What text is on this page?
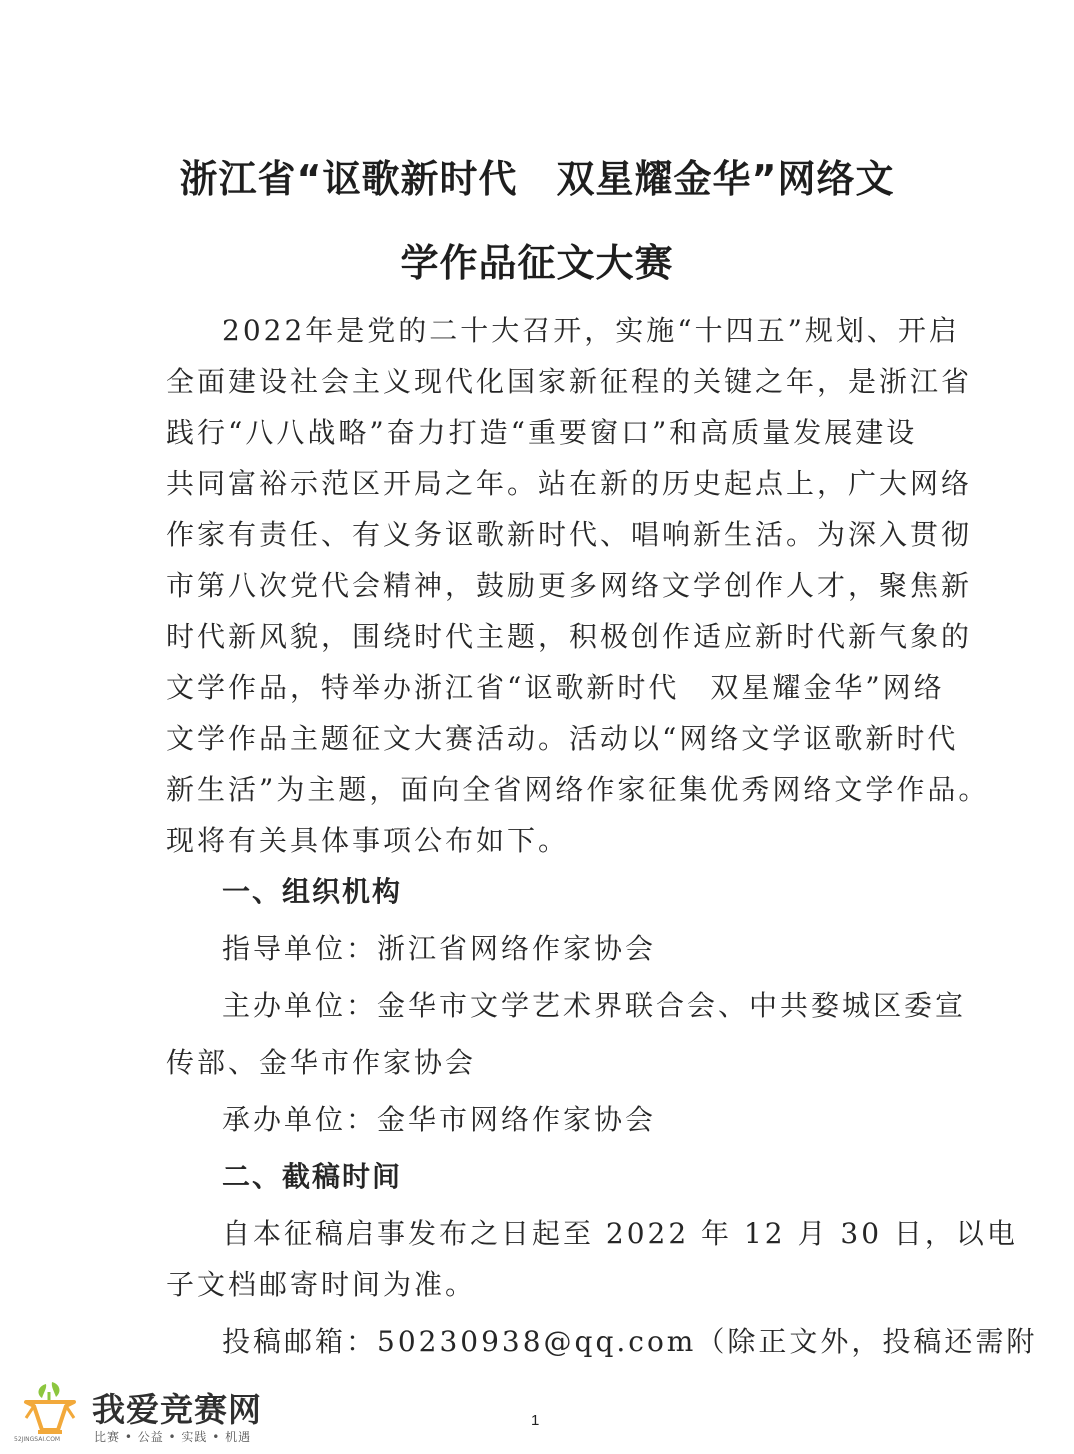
浙江省“讴歌新时代　双星耀金华”网络文
学作品征文大赛
2022年是党的二十大召开，实施“十四五”规划、开启
全面建设社会主义现代化国家新征程的关键之年，是浙江省
践行“八八战略”奋力打造“重要窗口”和高质量发展建设
共同富裕示范区开局之年。站在新的历史起点上，广大网络
作家有责任、有义务讴歌新时代、唱响新生活。为深入贯彻
市第八次党代会精神，鼓励更多网络文学创作人才，聚焦新
时代新风貌，围绕时代主题，积极创作适应新时代新气象的
文学作品，特举办浙江省“讴歌新时代　双星耀金华”网络
文学作品主题征文大赛活动。活动以“网络文学讴歌新时代
新生活”为主题，面向全省网络作家征集优秀网络文学作品。
现将有关具体事项公布如下。
一、组织机构
指导单位：浙江省网络作家协会
主办单位：金华市文学艺术界联合会、中共婺城区委宣
传部、金华市作家协会
承办单位：金华市网络作家协会
二、截稿时间
自本征稿启事发布之日起至 2022 年 12 月 30 日，以电
子文档邮寄时间为准。
投稿邮箱：50230938@qq.com（除正文外，投稿还需附
1
我爱竞赛网
比赛 • 公益 • 实践 • 机遇
52JINGSAI.COM
